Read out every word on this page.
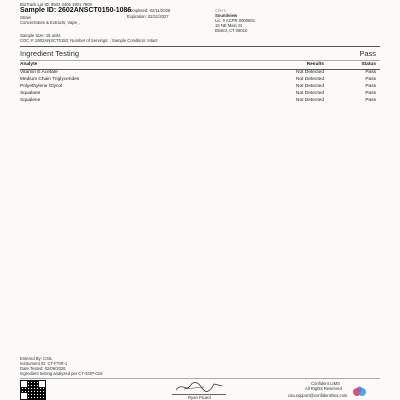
BioTrack Lot ID: 9502 4405 1901 7808
Sample ID: 2602ANSCT0150-1086
Strain
Concentrates & Extracts, Vape, ,
Completed: 02/11/2026
Expiration: 02/11/2027
Client
Soundview
Lic. # ACPR.0000681
15 NE Main St
Bristol, CT 06010
Sample Size: 15 units
COC #: 2602ANSCT0150; Number of Servings: ; Sample Condition: Intact
Ingredient Testing	Pass
Analyte	Results	Status
Vitamin E Acetate	Not Detected	Pass
Medium Chain Triglycerides	Not Detected	Pass
Polyethylene Glycol	Not Detected	Pass
Squalane	Not Detected	Pass
Squalene	Not Detected	Pass
Entered By: CSIL
Instrument ID: CT-FTIR-1
Date Tested: 02/06/2026
Ingredient testing analyzed per CT-SOP-015
Ryan Picard
Confident LIMS
All Rights Reserved
csa.support@confidentlims.com
